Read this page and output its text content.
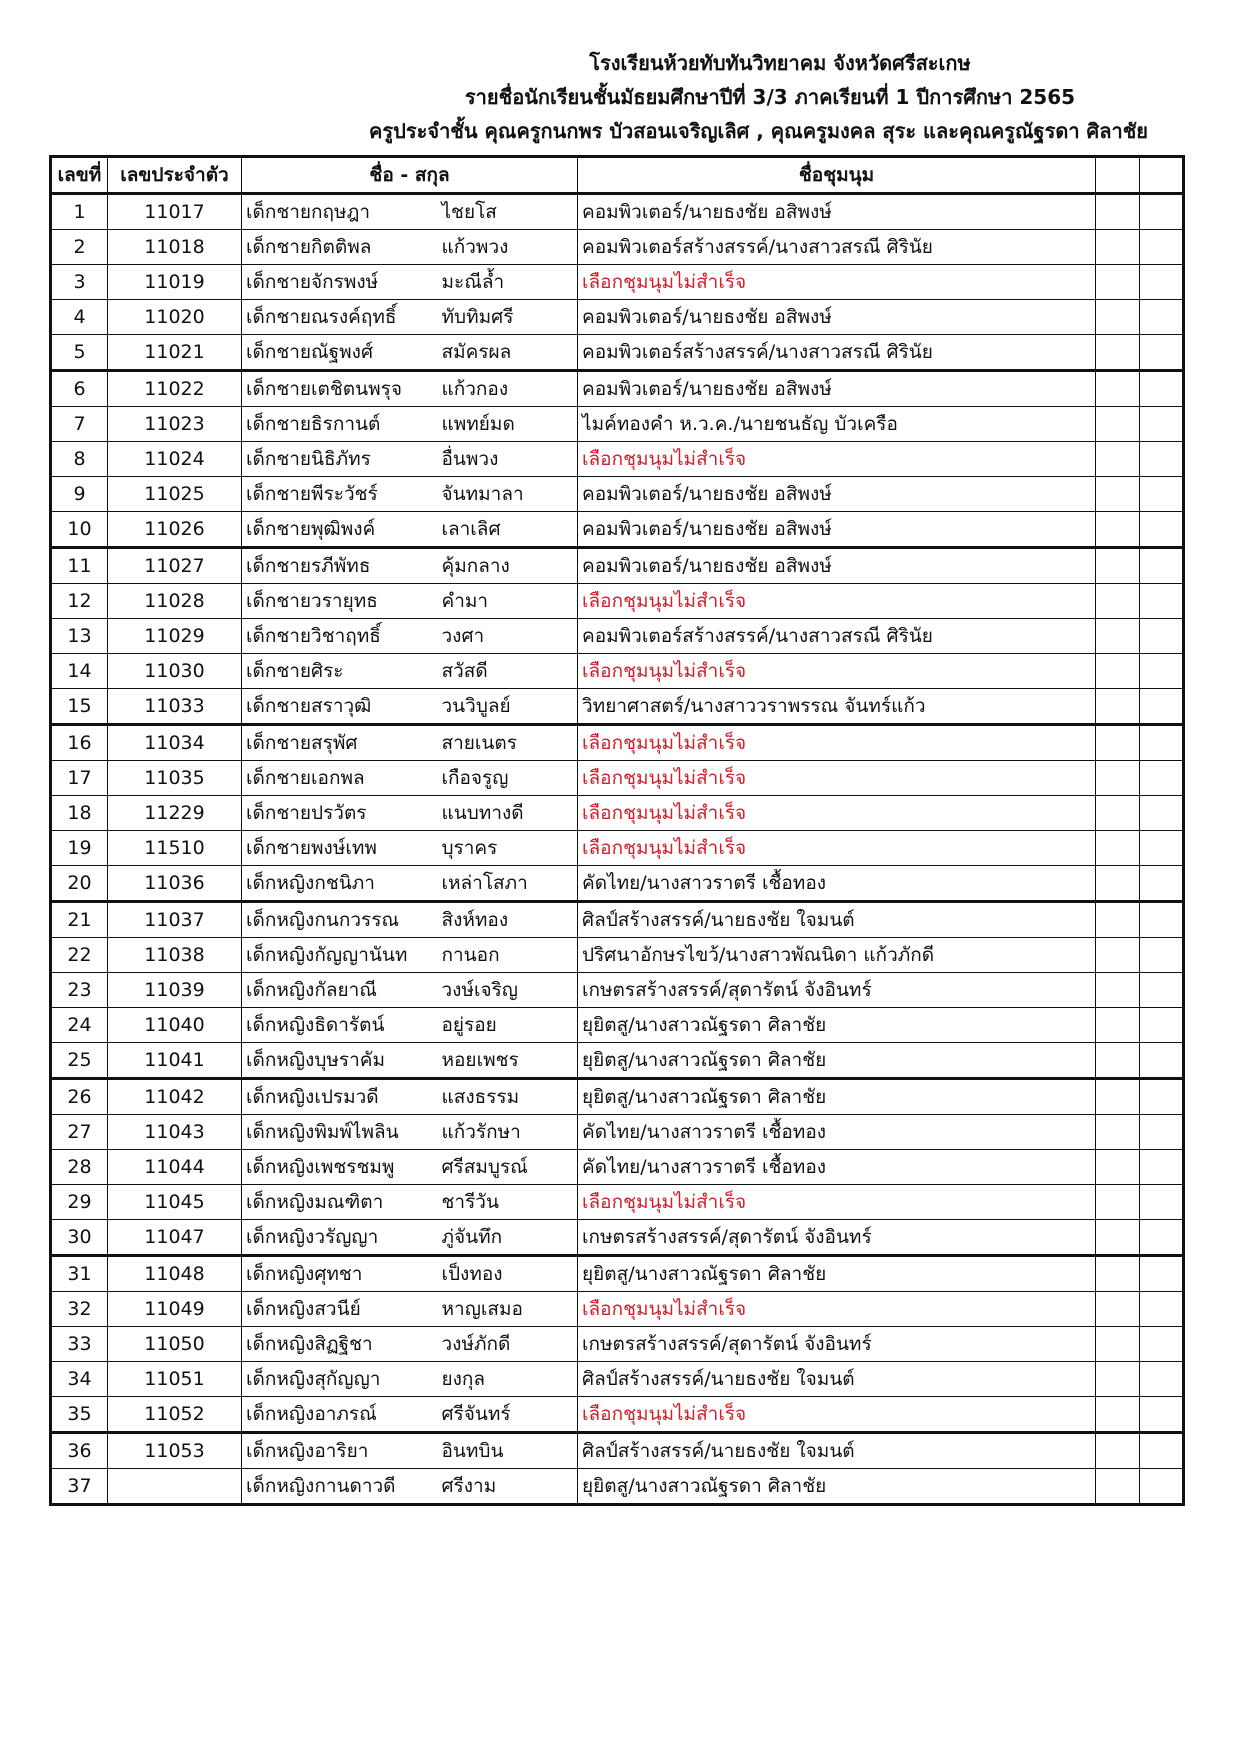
โรงเรียนห้วยทับทันวิทยาคม จังหวัดศรีสะเกษ
รายชื่อนักเรียนชั้นมัธยมศึกษาปีที่ 3/3 ภาคเรียนที่ 1 ปีการศึกษา 2565
ครูประจำชั้น คุณครูกนกพร บัวสอนเจริญเลิศ , คุณครูมงคล สุระ และคุณครูณัฐรดา ศิลาชัย
เลขที่	เลขประจำตัว	ชื่อ - สกุล		ชื่อชุมนุม		
1	11017	เด็กชายกฤษฎา	ไชยโส	คอมพิวเตอร์/นายธงชัย อสิพงษ์		
2	11018	เด็กชายกิตติพล	แก้วพวง	คอมพิวเตอร์สร้างสรรค์/นางสาวสรณี ศิรินัย		
3	11019	เด็กชายจักรพงษ์	มะณีล้ำ	เลือกชุมนุมไม่สำเร็จ		
4	11020	เด็กชายณรงค์ฤทธิ์	ทับทิมศรี	คอมพิวเตอร์/นายธงชัย อสิพงษ์		
5	11021	เด็กชายณัฐพงศ์	สมัครผล	คอมพิวเตอร์สร้างสรรค์/นางสาวสรณี ศิรินัย		
6	11022	เด็กชายเตชิตนพรุจ	แก้วกอง	คอมพิวเตอร์/นายธงชัย อสิพงษ์		
7	11023	เด็กชายธิรกานต์	แพทย์มด	ไมค์ทองคำ ห.ว.ค./นายชนธัญ บัวเครือ		
8	11024	เด็กชายนิธิภัทร	อื่นพวง	เลือกชุมนุมไม่สำเร็จ		
9	11025	เด็กชายพีระวัชร์	จันทมาลา	คอมพิวเตอร์/นายธงชัย อสิพงษ์		
10	11026	เด็กชายพุฒิพงค์	เลาเลิศ	คอมพิวเตอร์/นายธงชัย อสิพงษ์		
11	11027	เด็กชายรภีพัทธ	คุ้มกลาง	คอมพิวเตอร์/นายธงชัย อสิพงษ์		
12	11028	เด็กชายวรายุทธ	คำมา	เลือกชุมนุมไม่สำเร็จ		
13	11029	เด็กชายวิชาฤทธิ์	วงศา	คอมพิวเตอร์สร้างสรรค์/นางสาวสรณี ศิรินัย		
14	11030	เด็กชายศิระ	สวัสดี	เลือกชุมนุมไม่สำเร็จ		
15	11033	เด็กชายสราวุฒิ	วนวิบูลย์	วิทยาศาสตร์/นางสาววราพรรณ จันทร์แก้ว		
16	11034	เด็กชายสรุพัศ	สายเนตร	เลือกชุมนุมไม่สำเร็จ		
17	11035	เด็กชายเอกพล	เกือจรูญ	เลือกชุมนุมไม่สำเร็จ		
18	11229	เด็กชายปรวัตร	แนบทางดี	เลือกชุมนุมไม่สำเร็จ		
19	11510	เด็กชายพงษ์เทพ	บุราคร	เลือกชุมนุมไม่สำเร็จ		
20	11036	เด็กหญิงกชนิภา	เหล่าโสภา	คัดไทย/นางสาวราตรี เชื้อทอง		
21	11037	เด็กหญิงกนกวรรณ	สิงห์ทอง	ศิลป์สร้างสรรค์/นายธงชัย ใจมนต์		
22	11038	เด็กหญิงกัญญานันท	กานอก	ปริศนาอักษรไขว้/นางสาวพัณนิดา แก้วภักดี		
23	11039	เด็กหญิงกัลยาณี	วงษ์เจริญ	เกษตรสร้างสรรค์/สุดารัตน์ จังอินทร์		
24	11040	เด็กหญิงธิดารัตน์	อยู่รอย	ยุยิตสู/นางสาวณัฐรดา ศิลาชัย		
25	11041	เด็กหญิงบุษราคัม	หอยเพชร	ยุยิตสู/นางสาวณัฐรดา ศิลาชัย		
26	11042	เด็กหญิงเปรมวดี	แสงธรรม	ยุยิตสู/นางสาวณัฐรดา ศิลาชัย		
27	11043	เด็กหญิงพิมพ์ไพลิน	แก้วรักษา	คัดไทย/นางสาวราตรี เชื้อทอง		
28	11044	เด็กหญิงเพชรชมพู	ศรีสมบูรณ์	คัดไทย/นางสาวราตรี เชื้อทอง		
29	11045	เด็กหญิงมณฑิตา	ชารีวัน	เลือกชุมนุมไม่สำเร็จ		
30	11047	เด็กหญิงวรัญญา	ภู่จันทึก	เกษตรสร้างสรรค์/สุดารัตน์ จังอินทร์		
31	11048	เด็กหญิงศุทชา	เป็งทอง	ยุยิตสู/นางสาวณัฐรดา ศิลาชัย		
32	11049	เด็กหญิงสวนีย์	หาญเสมอ	เลือกชุมนุมไม่สำเร็จ		
33	11050	เด็กหญิงสิฏฐิชา	วงษ์ภักดี	เกษตรสร้างสรรค์/สุดารัตน์ จังอินทร์		
34	11051	เด็กหญิงสุกัญญา	ยงกุล	ศิลป์สร้างสรรค์/นายธงชัย ใจมนต์		
35	11052	เด็กหญิงอาภรณ์	ศรีจันทร์	เลือกชุมนุมไม่สำเร็จ		
36	11053	เด็กหญิงอาริยา	อินทบิน	ศิลป์สร้างสรรค์/นายธงชัย ใจมนต์		
37		เด็กหญิงกานดาวดี	ศรีงาม	ยุยิตสู/นางสาวณัฐรดา ศิลาชัย		
